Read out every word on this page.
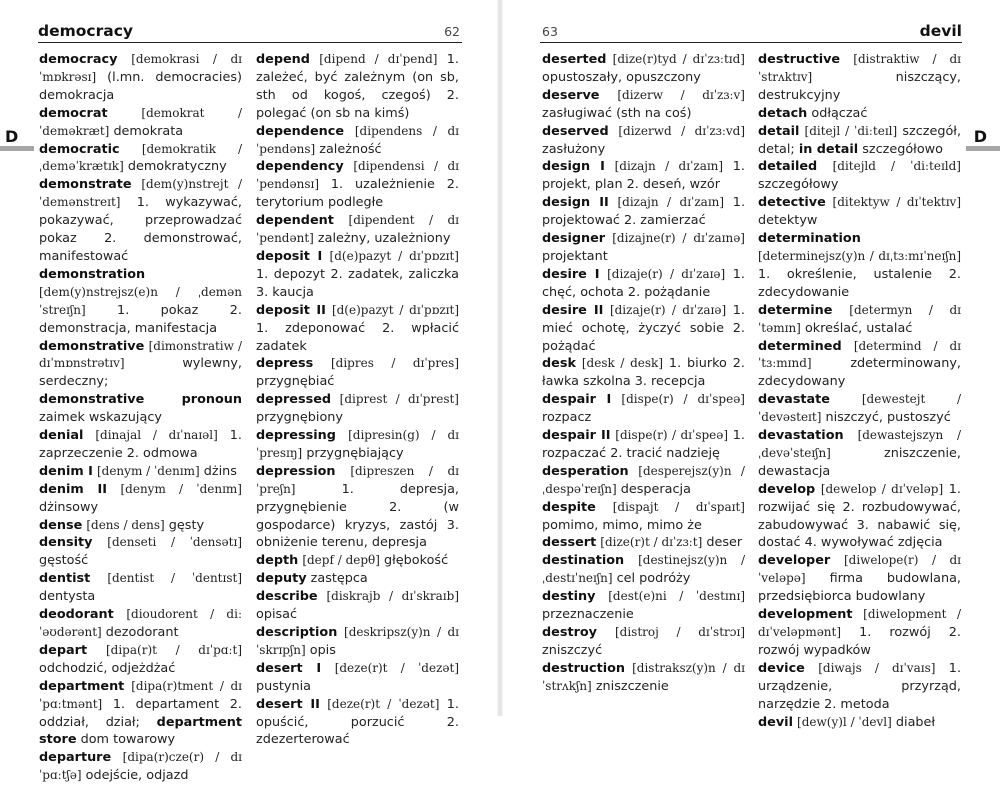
democracy	62

democracy [demokrasi / dɪˈmɒkrəsɪ] (l.mn. democracies) demokracja

democrat	[demokrat / ˈdeməkræt] demokrata

democratic [demokratik / ˌdeməˈkrætɪk] demokratyczny

demonstrate [dem(y)nstrejt / ˈdemənstreɪt] 1. wykazywać, pokazywać, przeprowadzać pokaz 2. demonstrować, manifestować

demonstration [dem(y)nstrejsz(e)n / ˌdemənˈstreɪʃn] 1. pokaz 2. demonstracja, manifestacja

demonstrative [dimonstratiw / dɪˈmɒnstrətɪv]	wylewny, serdeczny;

demonstrative pronoun zaimek wskazujący

denial [dinajal / dɪˈnaɪəl] 1. zaprzeczenie 2. odmowa

denim I [denym / ˈdenɪm] dżins

denim II [denym / ˈdenɪm] dżinsowy

dense [dens / dens] gęsty

density [denseti / ˈdensətɪ] gęstość

dentist [dentist / ˈdentɪst] dentysta

deodorant [dioudorent / diːˈəʊdərənt] dezodorant

depart [dipa(r)t / dɪˈpɑːt] odchodzić, odjeżdżać

department [dipa(r)tment / dɪˈpɑːtmənt] 1. departament 2. oddział, dział; department store dom towarowy

departure [dipa(r)cze(r) / dɪˈpɑːtʃə] odejście, odjazd

depend [dipend / dɪˈpend] 1. zależeć, być zależnym (on sb, sth od kogoś, czegoś) 2. polegać (on sb na kimś)

dependence [dipendens / dɪˈpendəns] zależność

dependency [dipendensi / dɪˈpendənsɪ] 1. uzależnienie 2. terytorium podległe

dependent [dipendent / dɪˈpendənt] zależny, uzależniony

deposit I [d(e)pazyt / dɪˈpɒzɪt] 1. depozyt 2. zadatek, zaliczka 3. kaucja

deposit II [d(e)pazyt / dɪˈpɒzɪt] 1. zdeponować 2. wpłacić zadatek

depress [dipres / dɪˈpres] przygnębiać

depressed [diprest / dɪˈprest] przygnębiony

depressing [dipresin(g) / dɪˈpresɪŋ] przygnębiający

depression [dipreszen / dɪˈpreʃn]	1. depresja, przygnębienie 2. (w gospodarce) kryzys, zastój 3. obniżenie terenu, depresja

depth [depf / depθ] głębokość

deputy zastępca

describe [diskrajb / dɪˈskraɪb] opisać

description [deskripsz(y)n / dɪˈskrɪpʃn] opis

desert I [deze(r)t / ˈdezət] pustynia

desert II [deze(r)t / ˈdezət] 1. opuścić, porzucić 2. zdezerterować

D
63	devil

deserted [dize(r)tyd / dɪˈzɜːtɪd] opustoszały, opuszczony

deserve [dizerw / dɪˈzɜːv] zasługiwać (sth na coś)

deserved [dizerwd / dɪˈzɜːvd] zasłużony

design I [dizajn / dɪˈzaɪn] 1. projekt, plan 2. deseń, wzór

design II [dizajn / dɪˈzaɪn] 1. projektować 2. zamierzać

designer [dizajne(r) / dɪˈzaɪnə] projektant

desire I [dizaje(r) / dɪˈzaɪə] 1. chęć, ochota 2. pożądanie

desire II [dizaje(r) / dɪˈzaɪə] 1. mieć ochotę, życzyć sobie 2. pożądać

desk [desk / desk] 1. biurko 2. ławka szkolna 3. recepcja

despair I [dispe(r) / dɪˈspeə] rozpacz

despair II [dispe(r) / dɪˈspeə] 1. rozpaczać 2. tracić nadzieję

desperation [desperejsz(y)n / ˌdespəˈreɪʃn] desperacja

despite [dispajt / dɪˈspaɪt] pomimo, mimo, mimo że

dessert [dize(r)t / dɪˈzɜːt] deser

destination [destinejsz(y)n / ˌdestɪˈneɪʃn] cel podróży

destiny [dest(e)ni / ˈdestɪnɪ] przeznaczenie

destroy [distroj / dɪˈstrɔɪ] zniszczyć

destruction [distraksz(y)n / dɪˈstrʌkʃn] zniszczenie

destructive [distraktiw / dɪˈstrʌktɪv]	niszczący, destrukcyjny

detach odłączać

detail [ditejl / ˈdiːteɪl] szczegół, detal; in detail szczegółowo

detailed [ditejld / ˈdiːteɪld] szczegółowy

detective [ditektyw / dɪˈtektɪv] detektyw

determination [determinejsz(y)n / dɪˌtɜːmɪˈneɪʃn] 1. określenie, ustalenie 2. zdecydowanie

determine [determyn / dɪˈtəmɪn] określać, ustalać

determined [determind / dɪˈtɜːmɪnd]	zdeterminowany, zdecydowany

devastate	[dewestejt / ˈdevəsteɪt] niszczyć, pustoszyć

devastation [dewastejszyn /ˌdevəˈsteɪʃn]	zniszczenie, dewastacja

develop [dewelop / dɪˈveləp] 1. rozwijać się 2. rozbudowywać, zabudowywać 3. nabawić się, dostać 4. wywoływać zdjęcia

developer [diwelope(r) / dɪˈveləpə] firma budowlana, przedsiębiorca budowlany

development [diwelopment / dɪˈveləpmənt] 1. rozwój 2. rozwój wypadków

device [diwajs / dɪˈvaɪs] 1. urządzenie, przyrząd, narzędzie 2. metoda

devil [dew(y)l / ˈdevl] diabeł

D
